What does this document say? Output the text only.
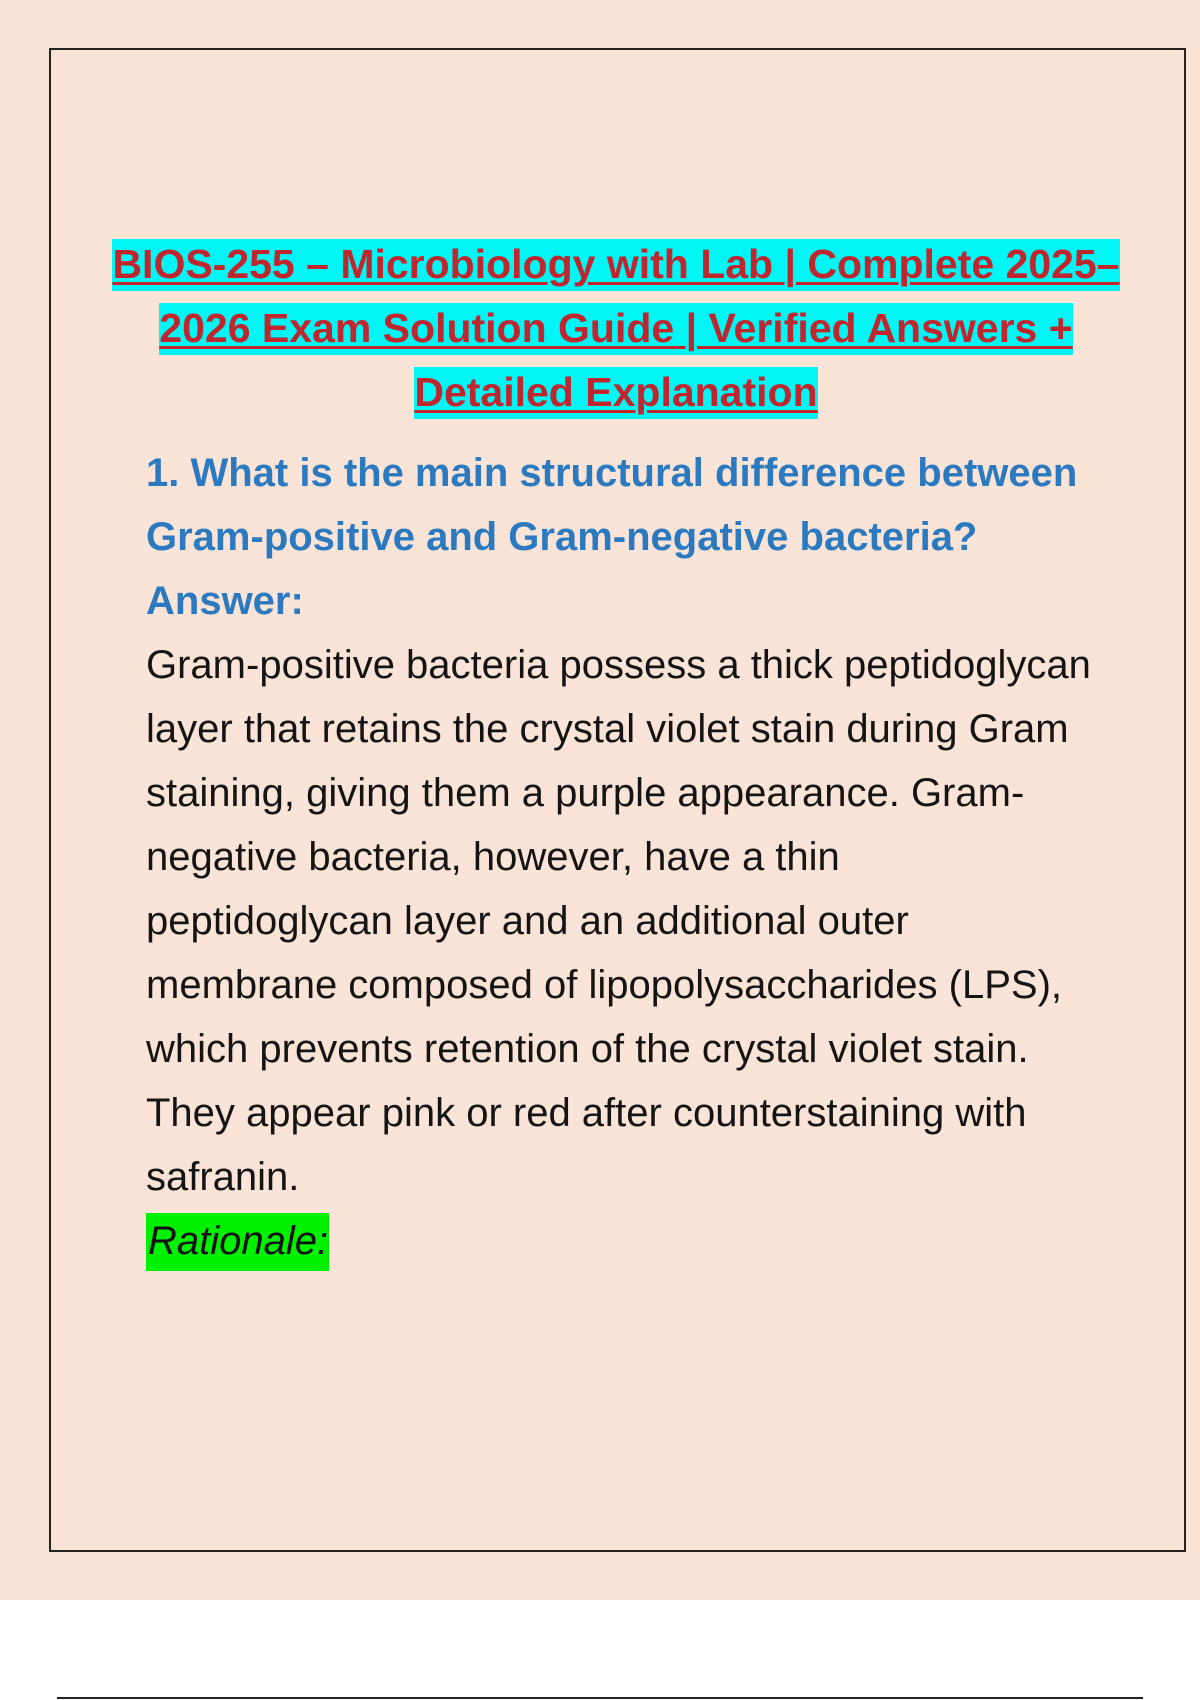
BIOS-255 – Microbiology with Lab | Complete 2025–2026 Exam Solution Guide | Verified Answers + Detailed Explanation

1. What is the main structural difference between Gram-positive and Gram-negative bacteria?

Answer:

Gram-positive bacteria possess a thick peptidoglycan layer that retains the crystal violet stain during Gram staining, giving them a purple appearance. Gram-negative bacteria, however, have a thin peptidoglycan layer and an additional outer membrane composed of lipopolysaccharides (LPS), which prevents retention of the crystal violet stain. They appear pink or red after counterstaining with safranin.

Rationale:
